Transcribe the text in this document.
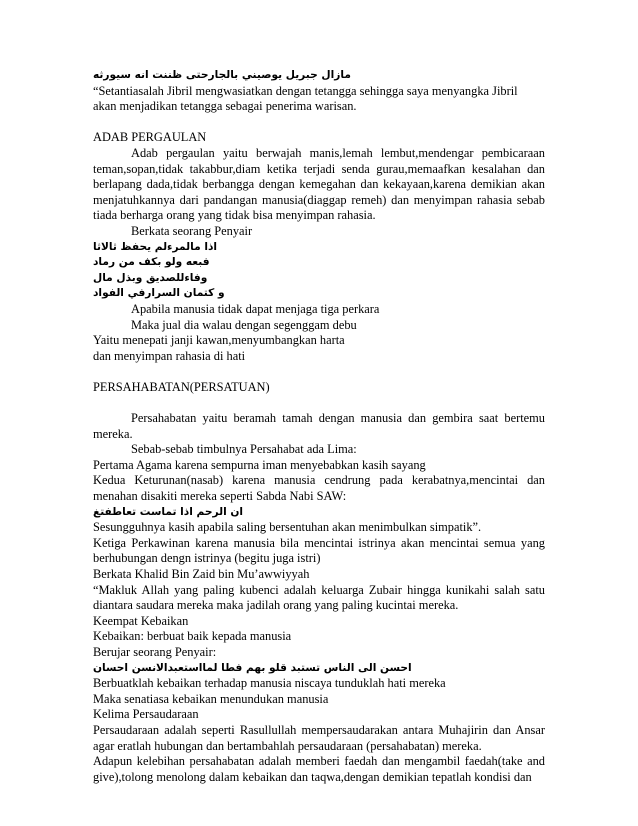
مازال جبريل يوصيني بالجارحتى ظننت انه سيورثه
“Setantiasalah Jibril mengwasiatkan dengan tetangga sehingga saya menyangka Jibril
akan menjadikan tetangga sebagai penerima warisan.
ADAB PERGAULAN
Adab pergaulan yaitu berwajah manis,lemah lembut,mendengar pembicaraan teman,sopan,tidak takabbur,diam ketika terjadi senda gurau,memaafkan kesalahan dan berlapang dada,tidak berbangga dengan kemegahan dan kekayaan,karena demikian akan menjatuhkannya dari pandangan manusia(diaggap remeh) dan menyimpan rahasia sebab tiada berharga orang yang tidak bisa menyimpan rahasia.
Berkata seorang Penyair
اذا مالمرءلم يحفظ ثالاثا
فبعه ولو بكف من رماد
وفاءللصديق وبذل مال
و كتمان السرارفي الفواد
Apabila manusia tidak dapat menjaga tiga perkara
Maka jual dia walau dengan segenggam debu
Yaitu menepati janji kawan,menyumbangkan harta
dan menyimpan rahasia di hati
PERSAHABATAN(PERSATUAN)
Persahabatan yaitu beramah tamah dengan manusia dan gembira saat bertemu mereka.
Sebab-sebab timbulnya Persahabat ada Lima:
Pertama Agama karena sempurna iman menyebabkan kasih sayang
Kedua Keturunan(nasab) karena manusia cendrung pada kerabatnya,mencintai dan menahan disakiti mereka seperti Sabda Nabi SAW:
ان الرحم اذا تماست تعاطفتغ
Sesungguhnya kasih apabila saling bersentuhan akan menimbulkan simpatik”.
Ketiga Perkawinan karena manusia bila mencintai istrinya akan mencintai semua yang berhubungan dengn istrinya (begitu juga istri)
Berkata Khalid Bin Zaid bin Mu’awwiyyah
“Makluk Allah yang paling kubenci adalah keluarga Zubair hingga kunikahi salah satu diantara saudara mereka maka jadilah orang yang paling kucintai mereka.
Keempat Kebaikan
Kebaikan: berbuat baik kepada manusia
Berujar seorang Penyair:
احسن الى الناس تستبد قلو بهم فطا لمااستعبدالانسن احسان
Berbuatklah kebaikan terhadap manusia niscaya tunduklah hati mereka
Maka senatiasa kebaikan menundukan manusia
Kelima Persaudaraan
Persaudaraan adalah seperti Rasullullah mempersaudarakan antara Muhajirin dan Ansar agar eratlah hubungan dan bertambahlah persaudaraan (persahabatan) mereka.
Adapun kelebihan persahabatan adalah memberi faedah dan mengambil faedah(take and give),tolong menolong dalam kebaikan dan taqwa,dengan demikian tepatlah kondisi dan
